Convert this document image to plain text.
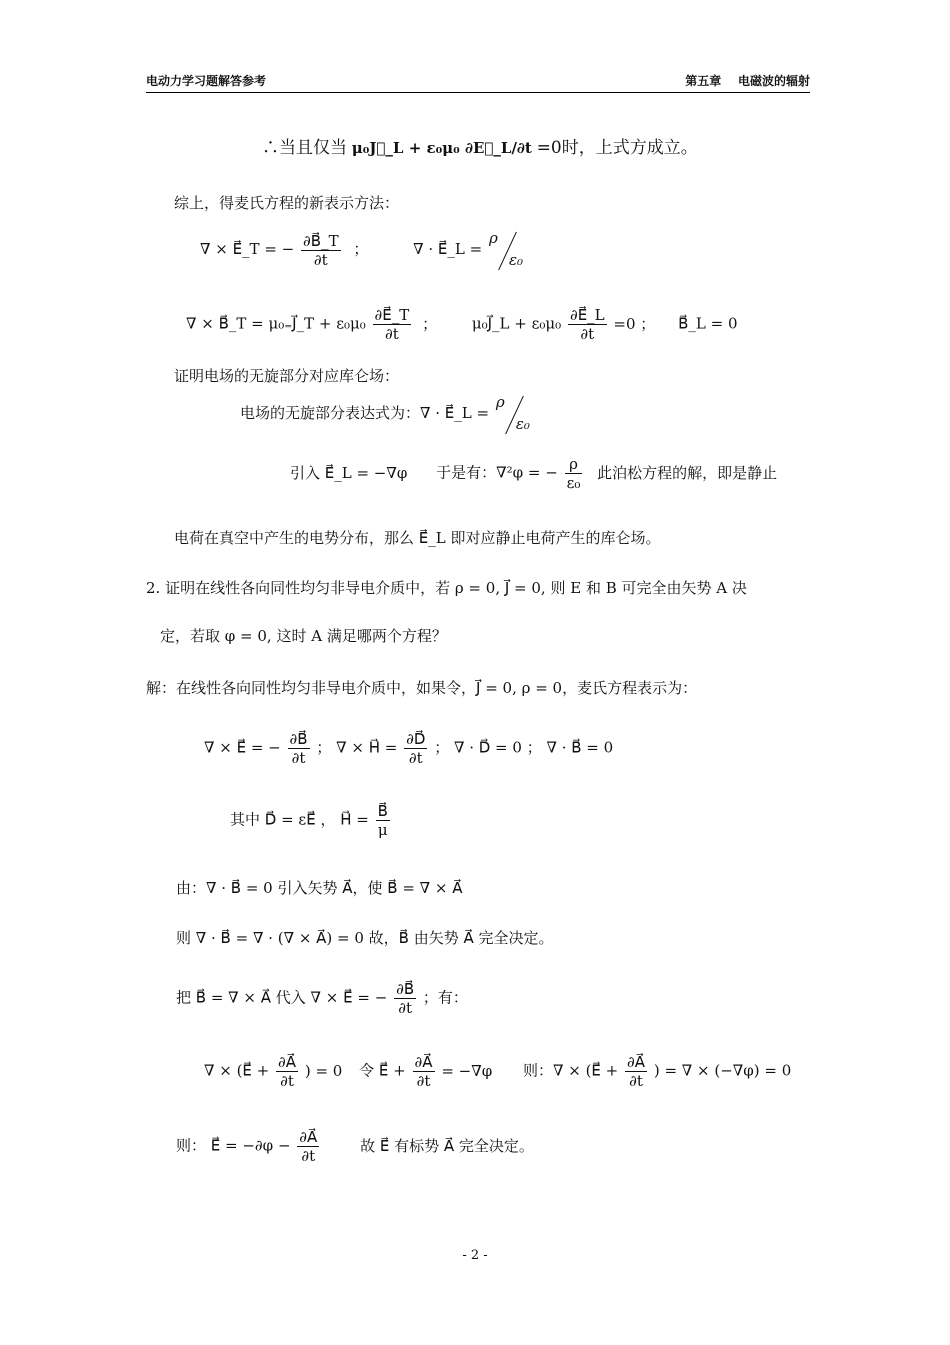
电动力学习题解答参考	第五章    电磁波的辐射
∴当且仅当 μ₀J⃗_L + ε₀μ₀ ∂E⃗_L/∂t =0时，上式方成立。
综上，得麦氏方程的新表示方法：
∇ × E⃗_T = − $\frac{\partial B⃗\_T}{\partial t}$ ；	∇ · E⃗_L =
ρ
ε₀
∇ × B⃗_T = μ₀₌J⃗_T + $\varepsilon_0\mu_0 \frac{\partial E⃗\_T}{\partial t}$ ； μ₀J⃗_L + $\varepsilon_0\mu_0 \frac{\partial E⃗\_L}{\partial t} =0$ ； B⃗_L = 0
证明电场的无旋部分对应库仑场：
电场的无旋部分表达式为：∇ · E⃗_L =
ρ
ε₀
引入 E⃗_L = −∇φ 于是有：∇²φ = − $\frac{\rho}{\text{ε₀}}$ 此泊松方程的解，即是静止
电荷在真空中产生的电势分布，那么 E⃗_L 即对应静止电荷产生的库仑场。
2. 证明在线性各向同性均匀非导电介质中，若 ρ = 0, J⃗ = 0, 则 E 和 B 可完全由矢势 A 决
定，若取 φ = 0, 这时 A 满足哪两个方程？
解：在线性各向同性均匀非导电介质中，如果令，J⃗ = 0, ρ = 0，麦氏方程表示为：
∇ × E⃗ = − $\frac{\partial B⃗}{\partial t}$ ； ∇ × H⃗ = $\frac{\partial D⃗}{\partial t}$ ； ∇ · D⃗ = 0 ； ∇ · B⃗ = 0
其中 D⃗ = εE⃗ ， H⃗ = $\frac{B⃗}{\mu}$
由：∇ · B⃗ = 0 引入矢势 A⃗，使 B⃗ = ∇ × A⃗
则 ∇ · B⃗ = ∇ · (∇ × A⃗) = 0 故，B⃗ 由矢势 A⃗ 完全决定。
把 B⃗ = ∇ × A⃗ 代入 ∇ × E⃗ = − $\frac{\partial B⃗}{\partial t}$ ；有：
∇ × (E⃗ + $\frac{\partial A⃗}{\partial t}$ ) = 0 令 E⃗ + $\frac{\partial A⃗}{\partial t} = -\nabla\varphi$ 则：∇ × (E⃗ + $\frac{\partial A⃗}{\partial t}$ ) = ∇ × (−∇φ) = 0
则： E⃗ = $-\partial\varphi - \frac{\partial A⃗}{\partial t}$	故 E⃗ 有标势 A⃗ 完全决定。
- 2 -
